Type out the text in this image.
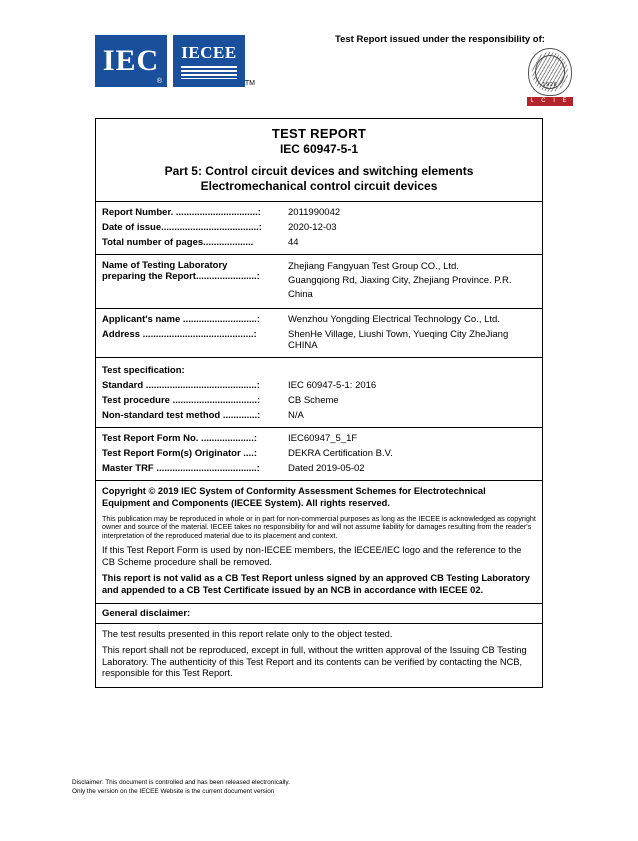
IEC
®
IECEE
TM
Test Report issued under the responsibility of:
1928
L C I E
TEST REPORT
IEC 60947-5-1
Part 5: Control circuit devices and switching elements
Electromechanical control circuit devices
Report Number. ...............................:	2011990042
Date of issue.....................................:	2020-12-03
Total number of pages...................	44
Name of Testing Laboratory
preparing the Report.......................:
Zhejiang Fangyuan Test Group CO., Ltd.
Guangqiong Rd, Jiaxing City, Zhejiang Province. P.R. China
Applicant's name ............................:	Wenzhou Yongding Electrical Technology Co., Ltd.
Address ..........................................:	ShenHe Village, Liushi Town, Yueqing City ZheJiang CHINA
Test specification:
Standard ..........................................:	IEC 60947-5-1: 2016
Test procedure ................................:	CB Scheme
Non-standard test method .............:	N/A
Test Report Form No. ....................:	IEC60947_5_1F
Test Report Form(s) Originator ....:	DEKRA Certification B.V.
Master TRF ......................................:	Dated 2019-05-02

Copyright © 2019 IEC System of Conformity Assessment Schemes for Electrotechnical
Equipment and Components (IECEE System). All rights reserved.

This publication may be reproduced in whole or in part for non-commercial purposes as long as the IECEE is acknowledged as copyright owner and source of the material. IECEE takes no responsibility for and will not assume liability for damages resulting from the reader's interpretation of the reproduced material due to its placement and context.

If this Test Report Form is used by non-IECEE members, the IECEE/IEC logo and the reference to the CB Scheme procedure shall be removed.

This report is not valid as a CB Test Report unless signed by an approved CB Testing Laboratory
and appended to a CB Test Certificate issued by an NCB in accordance with IECEE 02.

General disclaimer:

The test results presented in this report relate only to the object tested.

This report shall not be reproduced, except in full, without the written approval of the Issuing CB Testing Laboratory. The authenticity of this Test Report and its contents can be verified by contacting the NCB, responsible for this Test Report.

Disclaimer: This document is controlled and has been released electronically.
Only the version on the IECEE Website is the current document version
